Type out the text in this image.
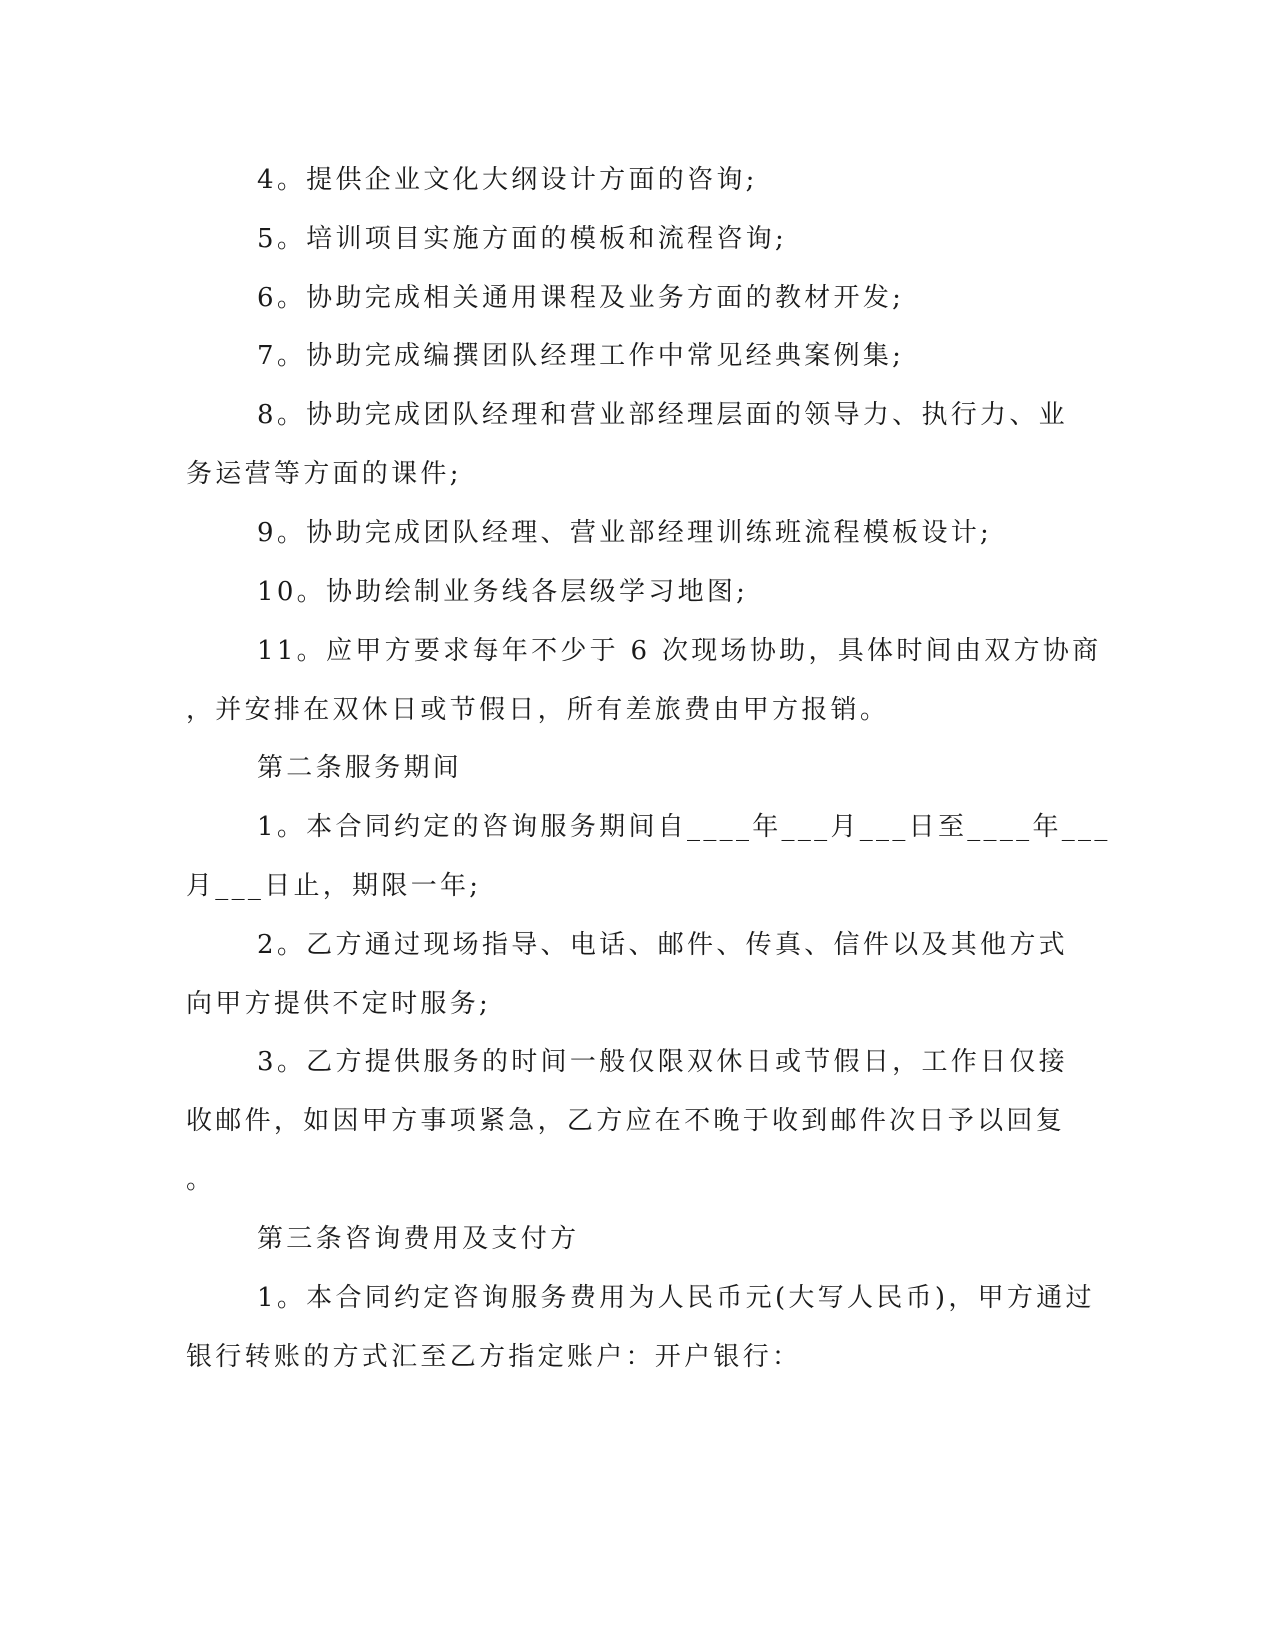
4。提供企业文化大纲设计方面的咨询;

5。培训项目实施方面的模板和流程咨询;

6。协助完成相关通用课程及业务方面的教材开发;

7。协助完成编撰团队经理工作中常见经典案例集;

8。协助完成团队经理和营业部经理层面的领导力、执行力、业

务运营等方面的课件;

9。协助完成团队经理、营业部经理训练班流程模板设计;

10。协助绘制业务线各层级学习地图;

11。应甲方要求每年不少于 6 次现场协助，具体时间由双方协商

，并安排在双休日或节假日，所有差旅费由甲方报销。

第二条服务期间

1。本合同约定的咨询服务期间自____年___月___日至____年___

月___日止，期限一年;

2。乙方通过现场指导、电话、邮件、传真、信件以及其他方式

向甲方提供不定时服务;

3。乙方提供服务的时间一般仅限双休日或节假日，工作日仅接

收邮件，如因甲方事项紧急，乙方应在不晚于收到邮件次日予以回复

。

第三条咨询费用及支付方

1。本合同约定咨询服务费用为人民币元(大写人民币)，甲方通过

银行转账的方式汇至乙方指定账户：开户银行：
